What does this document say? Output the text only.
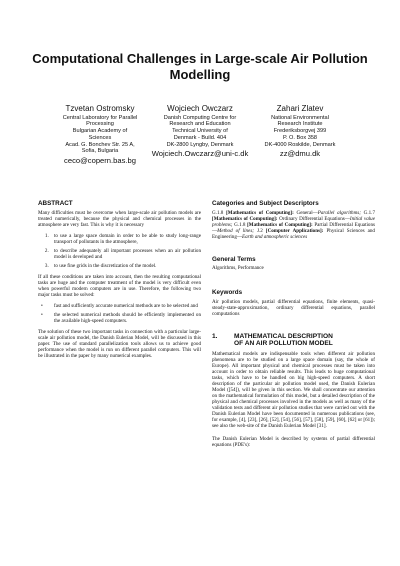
Computational Challenges in Large-scale Air Pollution
Modelling
Tzvetan Ostromsky
Central Laboratory for Parallel
Processing
Bulgarian Academy of
Sciences
Acad. G. Bonchev Str. 25 A,
Sofia, Bulgaria
ceco@copern.bas.bg
Wojciech Owczarz
Danish Computing Centre for
Research and Education
Technical University of
Denmark - Build. 404
DK-2800 Lyngby, Denmark
Wojciech.Owczarz@uni-c.dk
Zahari Zlatev
National Environmental
Research Institute
Frederiksborgvej 399
P. O. Box 358
DK-4000 Roskilde, Denmark
zz@dmu.dk
ABSTRACT

Many difficulties must be overcome when large-scale air pollution models are treated numerically, because the physical and chemical processes in the atmosphere are very fast. This is why it is necessary

1. to use a large space domain in order to be able to study long-range transport of pollutants in the atmosphere,
2. to describe adequately all important processes when an air pollution model is developed and
3. to use fine grids in the discretization of the model.

If all these conditions are taken into account, then the resulting computational tasks are huge and the computer treatment of the model is very difficult even when powerful modern computers are in use. Therefore, the following two major tasks must be solved:

• fast and sufficiently accurate numerical methods are to be selected and
• the selected numerical methods should be efficiently implemented on the available high-speed computers.

The solution of these two important tasks in connection with a particular large-scale air pollution model, the Danish Eulerian Model, will be discussed in this paper. The use of standard parallelization tools allows us to achieve good performance when the model is run on different parallel computers. This will be illustrated in the paper by many numerical examples.

Categories and Subject Descriptors

G.1.8 [Mathematics of Computing]: General—Parallel algorithms; G.1.7 [Mathematics of Computing]: Ordinary Differential Equations—Initial value problems; G.1.8 [Mathematics of Computing]: Partial Differential Equations—Method of lines; J.2 [Computer Applications]: Physical Sciences and Engineering—Earth and atmospheric sciences

General Terms

Algorithms, Performance

Keywords

Air pollution models, partial differential equations, finite elements, quasi-steady-state-approximation, ordinary differential equations, parallel computations

1.	MATHEMATICAL DESCRIPTION
OF AN AIR POLLUTION MODEL

Mathematical models are indispensable tools when different air pollution phenomena are to be studied on a large space domain (say, the whole of Europe). All important physical and chemical processes must be taken into account in order to obtain reliable results. This leads to huge computational tasks, which have to be handled on big high-speed computers. A short description of the particular air pollution model used, the Danish Eulerian Model ([54]), will be given in this section. We shall concentrate our attention on the mathematical formulation of this model, but a detailed description of the physical and chemical processes involved in the models as well as many of the validation tests and different air pollution studies that were carried out with the Danish Eulerian Model have been documented in numerous publications (see, for example, [4], [23], [26], [52], [54], [56], [57], [58], [59], [60], [62] or [61]); see also the web-site of the Danish Eulerian Model [31].

The Danish Eulerian Model is described by systems of partial differential equations (PDE's):
